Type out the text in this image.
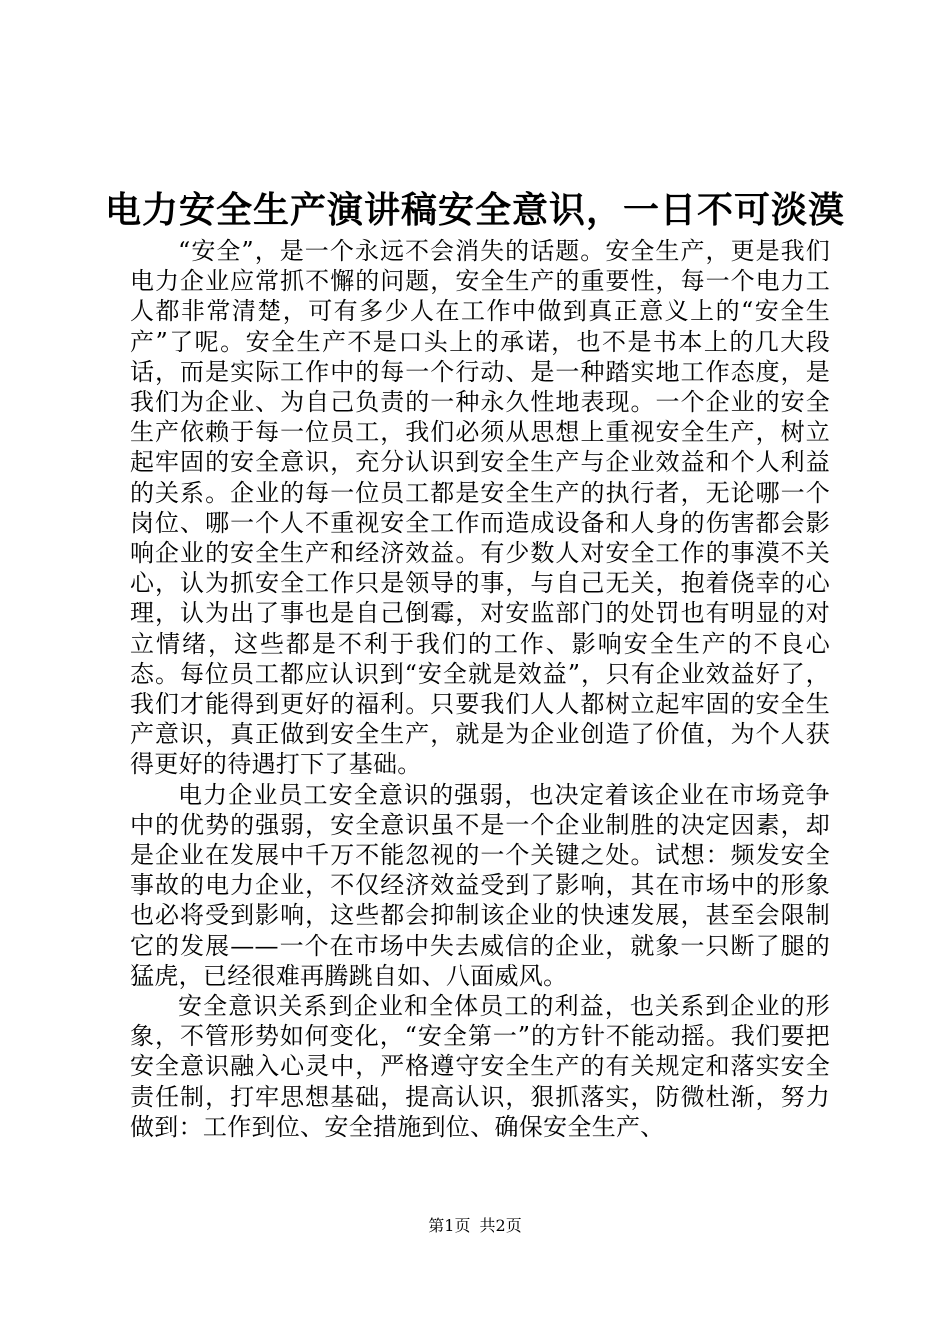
电力安全生产演讲稿安全意识，一日不可淡漠

“安全”，是一个永远不会消失的话题。安全生产，更是我们电力企业应常抓不懈的问题，安全生产的重要性，每一个电力工人都非常清楚，可有多少人在工作中做到真正意义上的“安全生产”了呢。安全生产不是口头上的承诺，也不是书本上的几大段话，而是实际工作中的每一个行动、是一种踏实地工作态度，是我们为企业、为自己负责的一种永久性地表现。一个企业的安全生产依赖于每一位员工，我们必须从思想上重视安全生产，树立起牢固的安全意识，充分认识到安全生产与企业效益和个人利益的关系。企业的每一位员工都是安全生产的执行者，无论哪一个岗位、哪一个人不重视安全工作而造成设备和人身的伤害都会影响企业的安全生产和经济效益。有少数人对安全工作的事漠不关心，认为抓安全工作只是领导的事，与自己无关，抱着侥幸的心理，认为出了事也是自己倒霉，对安监部门的处罚也有明显的对立情绪，这些都是不利于我们的工作、影响安全生产的不良心态。每位员工都应认识到“安全就是效益”，只有企业效益好了，我们才能得到更好的福利。只要我们人人都树立起牢固的安全生产意识，真正做到安全生产，就是为企业创造了价值，为个人获得更好的待遇打下了基础。

电力企业员工安全意识的强弱，也决定着该企业在市场竞争中的优势的强弱，安全意识虽不是一个企业制胜的决定因素，却是企业在发展中千万不能忽视的一个关键之处。试想：频发安全事故的电力企业，不仅经济效益受到了影响，其在市场中的形象也必将受到影响，这些都会抑制该企业的快速发展，甚至会限制它的发展——一个在市场中失去威信的企业，就象一只断了腿的猛虎，已经很难再腾跳自如、八面威风。

安全意识关系到企业和全体员工的利益，也关系到企业的形象，不管形势如何变化，“安全第一”的方针不能动摇。我们要把安全意识融入心灵中，严格遵守安全生产的有关规定和落实安全责任制，打牢思想基础，提高认识，狠抓落实，防微杜渐，努力做到：工作到位、安全措施到位、确保安全生产、

第1页 共2页
